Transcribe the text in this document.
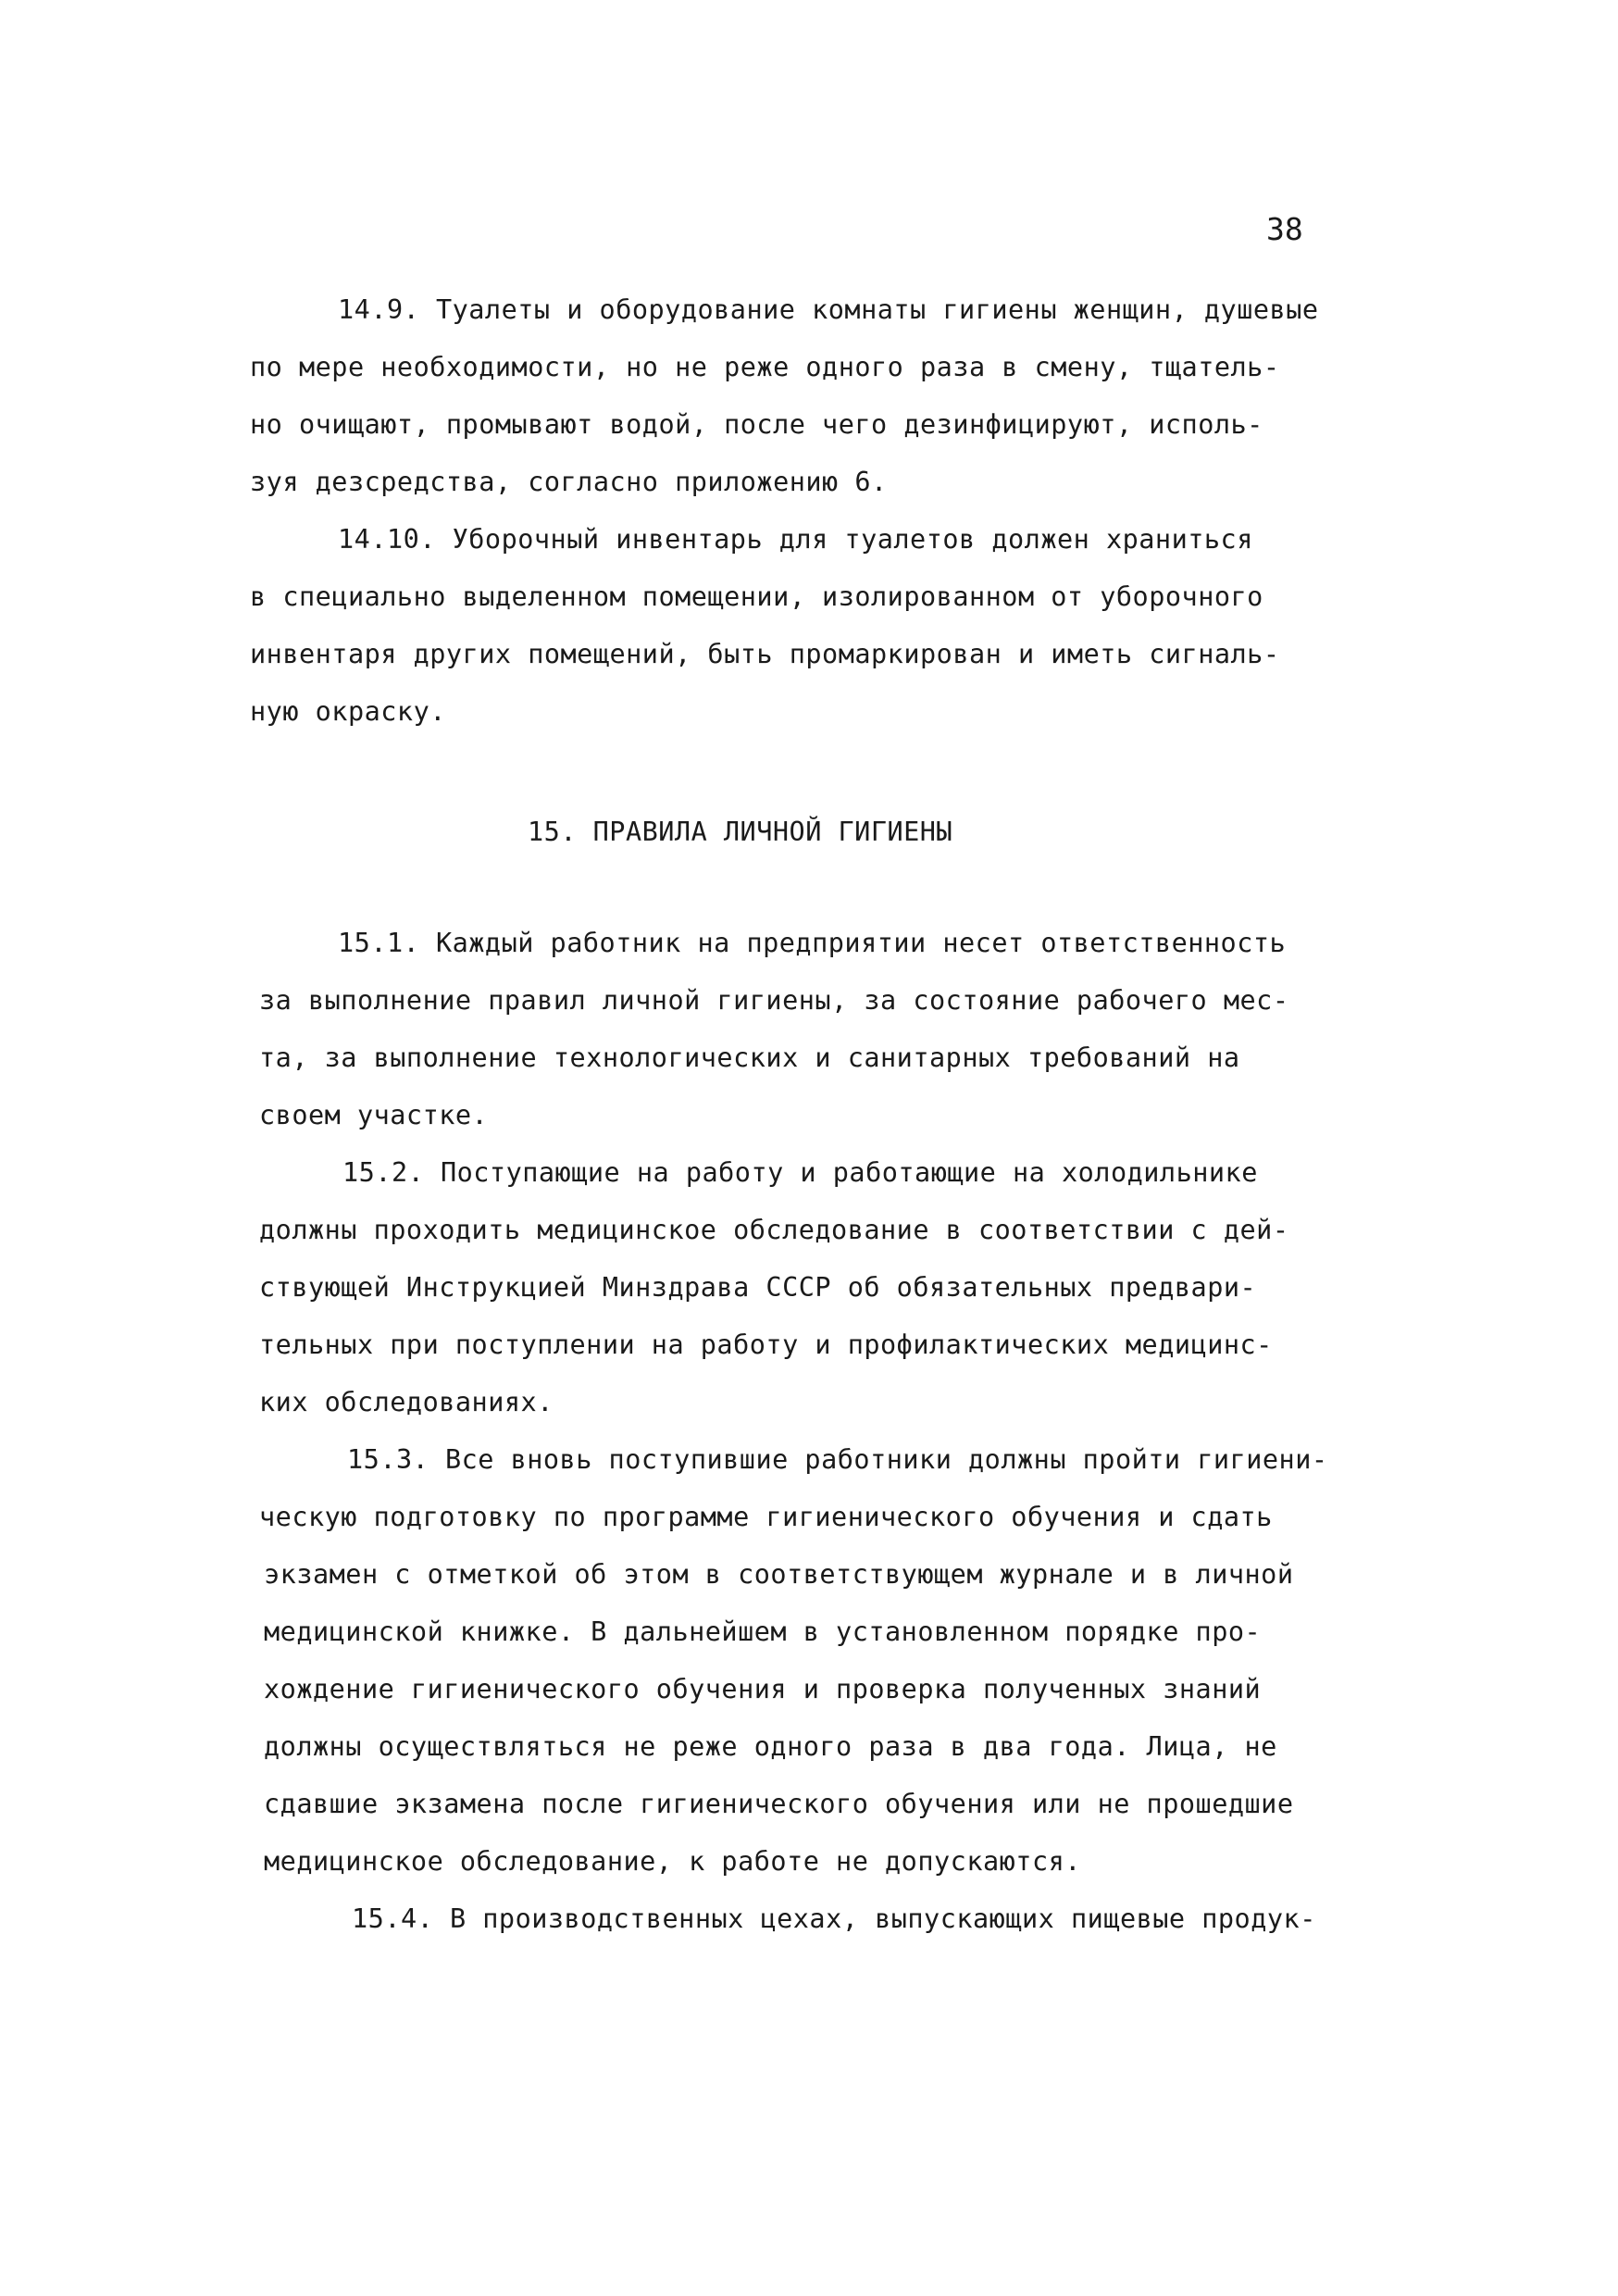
38
14.9. Туалеты и оборудование комнаты гигиены женщин, душевые
по мере необходимости, но не реже одного раза в смену, тщатель-
но очищают, промывают водой, после чего дезинфицируют, исполь-
зуя дезсредства, согласно приложению 6.
14.10. Уборочный инвентарь для туалетов должен храниться
в специально выделенном помещении, изолированном от уборочного
инвентаря других помещений, быть промаркирован и иметь сигналь-
ную окраску.
15. ПРАВИЛА ЛИЧНОЙ ГИГИЕНЫ
15.1. Каждый работник на предприятии несет ответственность
за выполнение правил личной гигиены, за состояние рабочего мес-
та, за выполнение технологических и санитарных требований на
своем участке.
15.2. Поступающие на работу и работающие на холодильнике
должны проходить медицинское обследование в соответствии с дей-
ствующей Инструкцией Минздрава СССР об обязательных предвари-
тельных при поступлении на работу и профилактических медицинс-
ких обследованиях.
15.3. Все вновь поступившие работники должны пройти гигиени-
ческую подготовку по программе гигиенического обучения и сдать
экзамен с отметкой об этом в соответствующем журнале и в личной
медицинской книжке. В дальнейшем в установленном порядке про-
хождение гигиенического обучения и проверка полученных знаний
должны осуществляться не реже одного раза в два года. Лица, не
сдавшие экзамена после гигиенического обучения или не прошедшие
медицинское обследование, к работе не допускаются.
15.4. В производственных цехах, выпускающих пищевые продук-
